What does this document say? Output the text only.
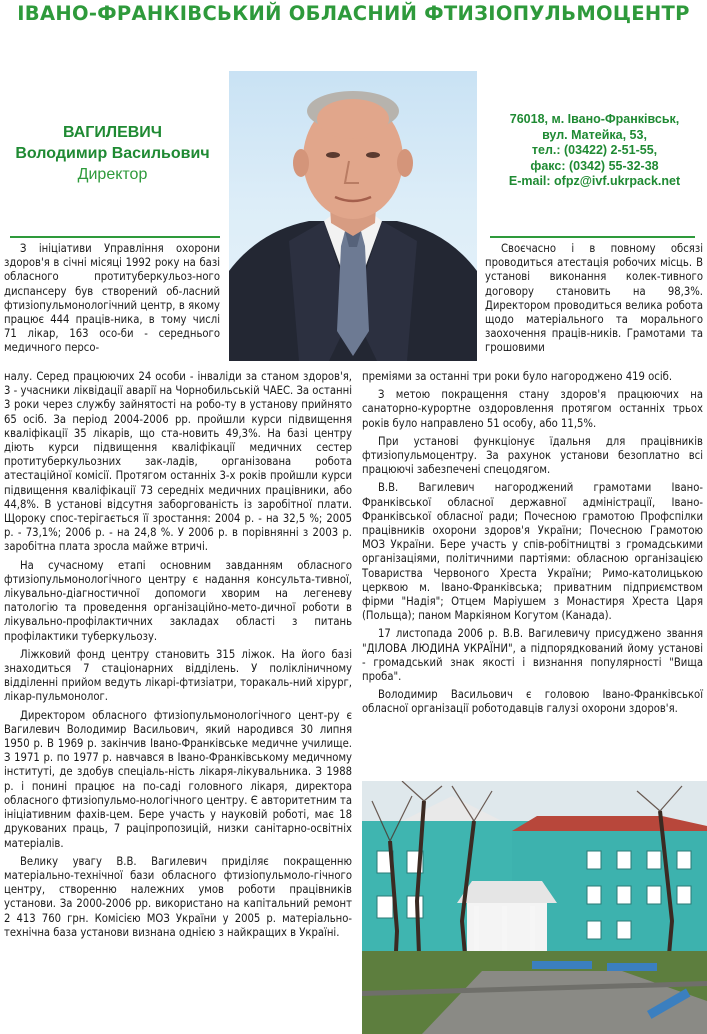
ІВАНО-ФРАНКІВСЬКИЙ ОБЛАСНИЙ ФТИЗІОПУЛЬМОЦЕНТР
ВАГИЛЕВИЧ
Володимир Васильович
Директор
76018, м. Івано-Франківськ,
вул. Матейка, 53,
тел.: (03422) 2-51-55,
факс: (0342) 55-32-38
E-mail: ofpz@ivf.ukrpack.net

З ініціативи Управління охорони здоров'я в січні місяці 1992 року на базі обласного протитуберкульоз-ного диспансеру був створений об-ласний фтизіопульмонологічний центр, в якому працює 444 праців-ника, в тому числі 71 лікар, 163 осо-би - середнього медичного персо-

Своєчасно і в повному обсязі проводиться атестація робочих місць. В установі виконання колек-тивного договору становить на 98,3%. Директором проводиться велика робота щодо матеріального та морального заохочення праців-ників. Грамотами та грошовими

налу. Серед працюючих 24 особи - інваліди за станом здоров'я, 3 - учасники ліквідації аварії на Чорнобильській ЧАЕС. За останні 3 роки через службу зайнятості на робо-ту в установу прийнято 65 осіб. За період 2004-2006 рр. пройшли курси підвищення кваліфікації 35 лікарів, що ста-новить 49,3%. На базі центру діють курси підвищення кваліфікації медичних сестер протитуберкульозних зак-ладів, організована робота атестаційної комісії. Протягом останніх 3-х років пройшли курси підвищення кваліфікації 73 середніх медичних працівники, або 44,8%. В установі відсутня заборгованість із заробітної плати. Щороку спос-терігається її зростання: 2004 р. - на 32,5 %; 2005 р. - 73,1%; 2006 р. - на 24,8 %. У 2006 р. в порівнянні з 2003 р. заробітна плата зросла майже втричі.

На сучасному етапі основним завданням обласного фтизіопульмонологічного центру є надання консульта-тивної, лікувально-діагностичної допомоги хворим на легеневу патологію та проведення організаційно-мето-дичної роботи в лікувально-профілактичних закладах області з питань профілактики туберкульозу.

Ліжковий фонд центру становить 315 ліжок. На його базі знаходиться 7 стаціонарних відділень. У полікліничному відділенні прийом ведуть лікарі-фтизіатри, торакаль-ний хірург, лікар-пульмонолог.

Директором обласного фтизіопульмонологічного цент-ру є Вагилевич Володимир Васильович, який народився 30 липня 1950 р. В 1969 р. закінчив Івано-Франківське медичне училище. З 1971 р. по 1977 р. навчався в Івано-Франківському медичному інституті, де здобув спеціаль-ність лікаря-лікувальника. З 1988 р. і понині працює на по-саді головного лікаря, директора обласного фтизіопульмо-нологічного центру. Є авторитетним та ініціативним фахів-цем. Бере участь у науковій роботі, має 18 друкованих праць, 7 раціпропозицій, низки санітарно-освітніх матеріалів.

Велику увагу В.В. Вагилевич приділяє покращенню матеріально-технічної бази обласного фтизіопульмоло-гічного центру, створенню належних умов роботи працівників установи. За 2000-2006 рр. використано на капітальний ремонт 2 413 760 грн. Комісією МОЗ України у 2005 р. матеріально-технічна база установи визнана однією з найкращих в Україні.

преміями за останні три роки було нагороджено 419 осіб.

З метою покращення стану здоров'я працюючих на санаторно-курортне оздоровлення протягом останніх трьох років було направлено 51 особу, або 11,5%.

При установі функціонує їдальня для працівників фтизіопульмоцентру. За рахунок установи безоплатно всі працюючі забезпечені спецодягом.

В.В. Вагилевич нагороджений грамотами Івано-Франківської обласної державної адміністрації, Івано-Франківської обласної ради; Почесною грамотою Профспілки працівників охорони здоров'я України; Почесною Грамотою МОЗ України. Бере участь у спів-робітництві з громадськими організаціями, політичними партіями: обласною організацією Товариства Червоного Хреста України; Римо-католицькою церквою м. Івано-Франківська; приватним підприємством фірми "Надія"; Отцем Маріушем з Монастиря Хреста Царя (Польща); паном Маркіяном Когутом (Канада).

17 листопада 2006 р. В.В. Вагилевичу присуджено звання "ДІЛОВА ЛЮДИНА УКРАЇНИ", а підпорядкований йому установі - громадський знак якості і визнання популярності "Вища проба".

Володимир Васильович є головою Івано-Франківської обласної організації роботодавців галузі охорони здоров'я.
